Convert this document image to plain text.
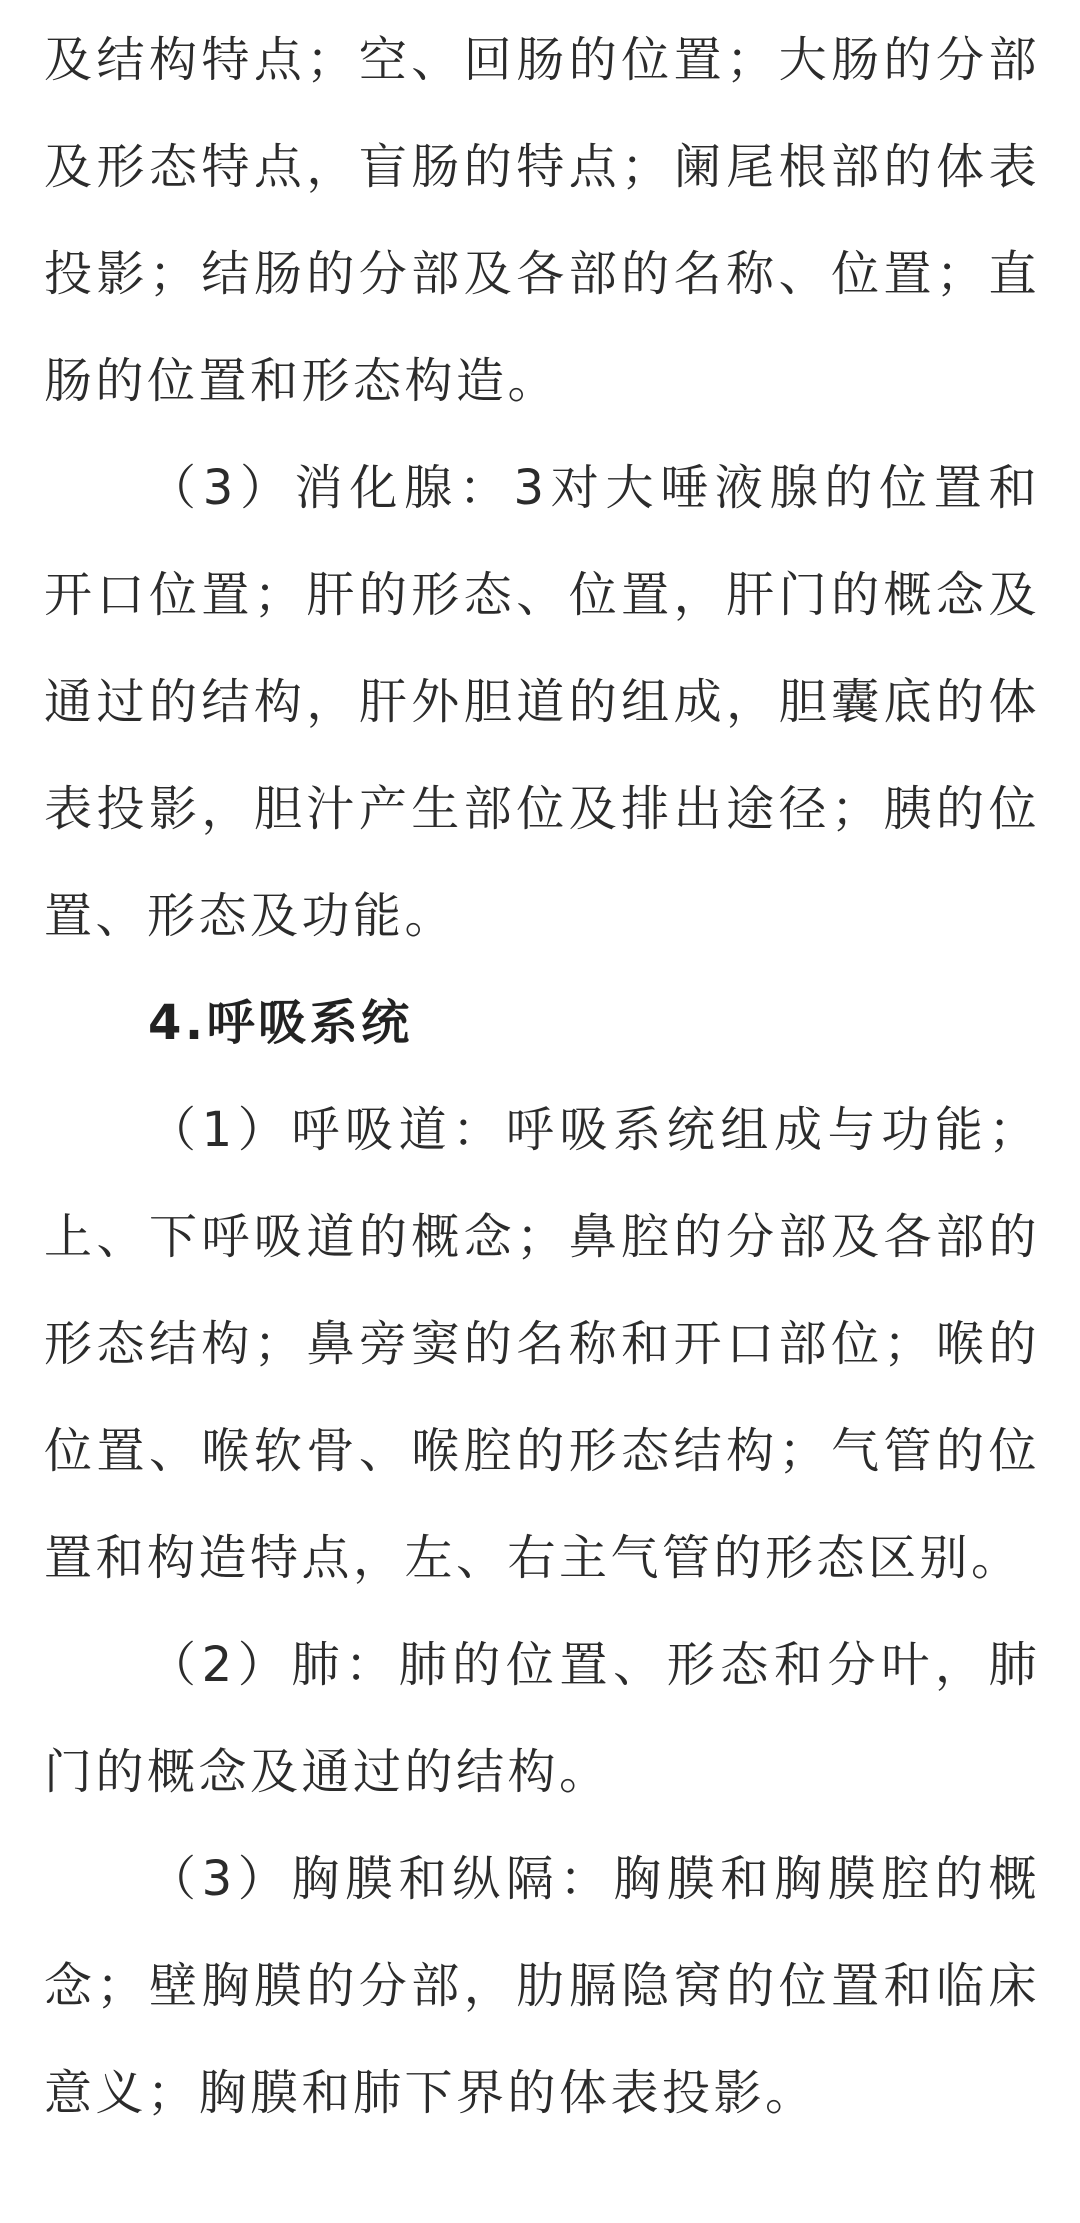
及结构特点；空、回肠的位置；大肠的分部及形态特点，盲肠的特点；阑尾根部的体表投影；结肠的分部及各部的名称、位置；直肠的位置和形态构造。

（3）消化腺：3对大唾液腺的位置和开口位置；肝的形态、位置，肝门的概念及通过的结构，肝外胆道的组成，胆囊底的体表投影，胆汁产生部位及排出途径；胰的位置、形态及功能。

4.呼吸系统

（1）呼吸道：呼吸系统组成与功能；上、下呼吸道的概念；鼻腔的分部及各部的形态结构；鼻旁窦的名称和开口部位；喉的位置、喉软骨、喉腔的形态结构；气管的位置和构造特点，左、右主气管的形态区别。

（2）肺：肺的位置、形态和分叶，肺门的概念及通过的结构。

（3）胸膜和纵隔：胸膜和胸膜腔的概念；壁胸膜的分部，肋膈隐窝的位置和临床意义；胸膜和肺下界的体表投影。
